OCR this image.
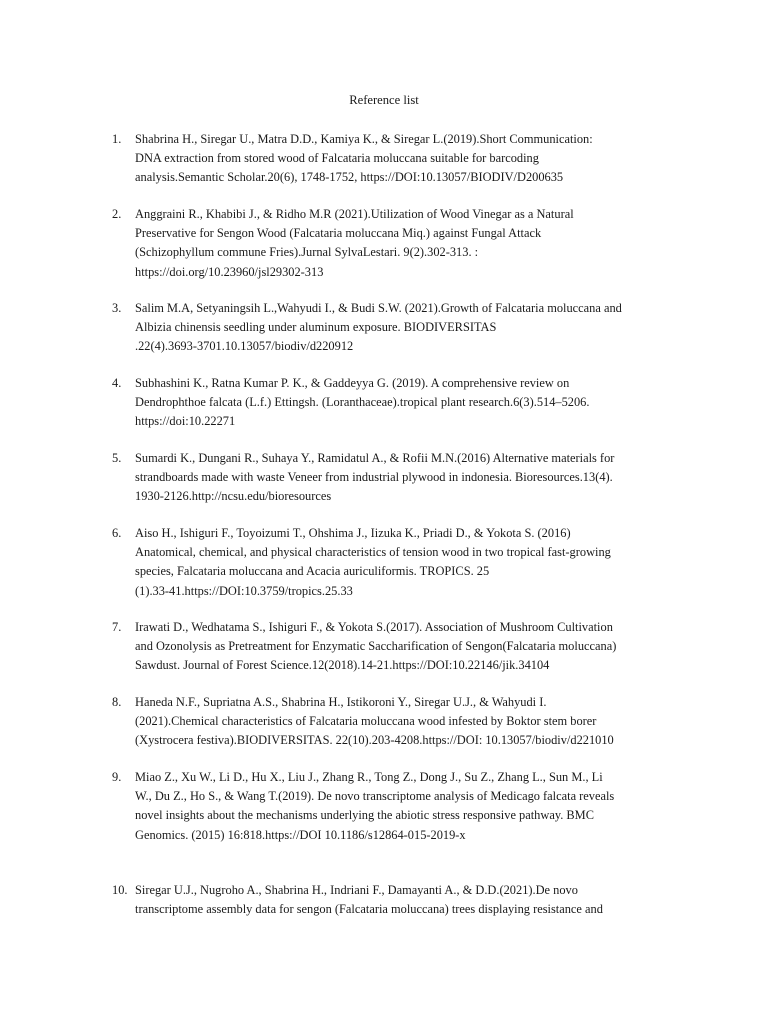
Reference list
1.	Shabrina H., Siregar U., Matra D.D., Kamiya K., & Siregar L.(2019).Short Communication:
DNA extraction from stored wood of Falcataria moluccana suitable for barcoding
analysis.Semantic Scholar.20(6), 1748-1752, https://DOI:10.13057/BIODIV/D200635
2.	Anggraini R., Khabibi J., & Ridho M.R (2021).Utilization of Wood Vinegar as a Natural
Preservative for Sengon Wood (Falcataria moluccana Miq.) against Fungal Attack
(Schizophyllum commune Fries).Jurnal SylvaLestari. 9(2).302-313. :
https://doi.org/10.23960/jsl29302-313
3.	Salim M.A, Setyaningsih L.,Wahyudi I., & Budi S.W. (2021).Growth of Falcataria moluccana and
Albizia chinensis seedling under aluminum exposure. BIODIVERSITAS
.22(4).3693-3701.10.13057/biodiv/d220912
4.	Subhashini K., Ratna Kumar P. K., & Gaddeyya G. (2019). A comprehensive review on
Dendrophthoe falcata (L.f.) Ettingsh. (Loranthaceae).tropical plant research.6(3).514–5206.
https://doi:10.22271
5.	Sumardi K., Dungani R., Suhaya Y., Ramidatul A., & Rofii M.N.(2016) Alternative materials for
strandboards made with waste Veneer from industrial plywood in indonesia. Bioresources.13(4).
1930-2126.http://ncsu.edu/bioresources
6.	Aiso H., Ishiguri F., Toyoizumi T., Ohshima J., Iizuka K., Priadi D., & Yokota S. (2016)
Anatomical, chemical, and physical characteristics of tension wood in two tropical fast-growing
species, Falcataria moluccana and Acacia auriculiformis. TROPICS. 25
(1).33-41.https://DOI:10.3759/tropics.25.33
7.	Irawati D., Wedhatama S., Ishiguri F., & Yokota S.(2017). Association of Mushroom Cultivation
and Ozonolysis as Pretreatment for Enzymatic Saccharification of Sengon(Falcataria moluccana)
Sawdust. Journal of Forest Science.12(2018).14-21.https://DOI:10.22146/jik.34104
8.	Haneda N.F., Supriatna A.S., Shabrina H., Istikoroni Y., Siregar U.J., & Wahyudi I.
(2021).Chemical characteristics of Falcataria moluccana wood infested by Boktor stem borer
(Xystrocera festiva).BIODIVERSITAS. 22(10).203-4208.https://DOI: 10.13057/biodiv/d221010
9.	Miao Z., Xu W., Li D., Hu X., Liu J., Zhang R., Tong Z., Dong J., Su Z., Zhang L., Sun M., Li
W., Du Z., Ho S., & Wang T.(2019). De novo transcriptome analysis of Medicago falcata reveals
novel insights about the mechanisms underlying the abiotic stress responsive pathway. BMC
Genomics. (2015) 16:818.https://DOI 10.1186/s12864-015-2019-x
10. Siregar U.J., Nugroho A., Shabrina H., Indriani F., Damayanti A., & D.D.(2021).De novo
transcriptome assembly data for sengon (Falcataria moluccana) trees displaying resistance and
